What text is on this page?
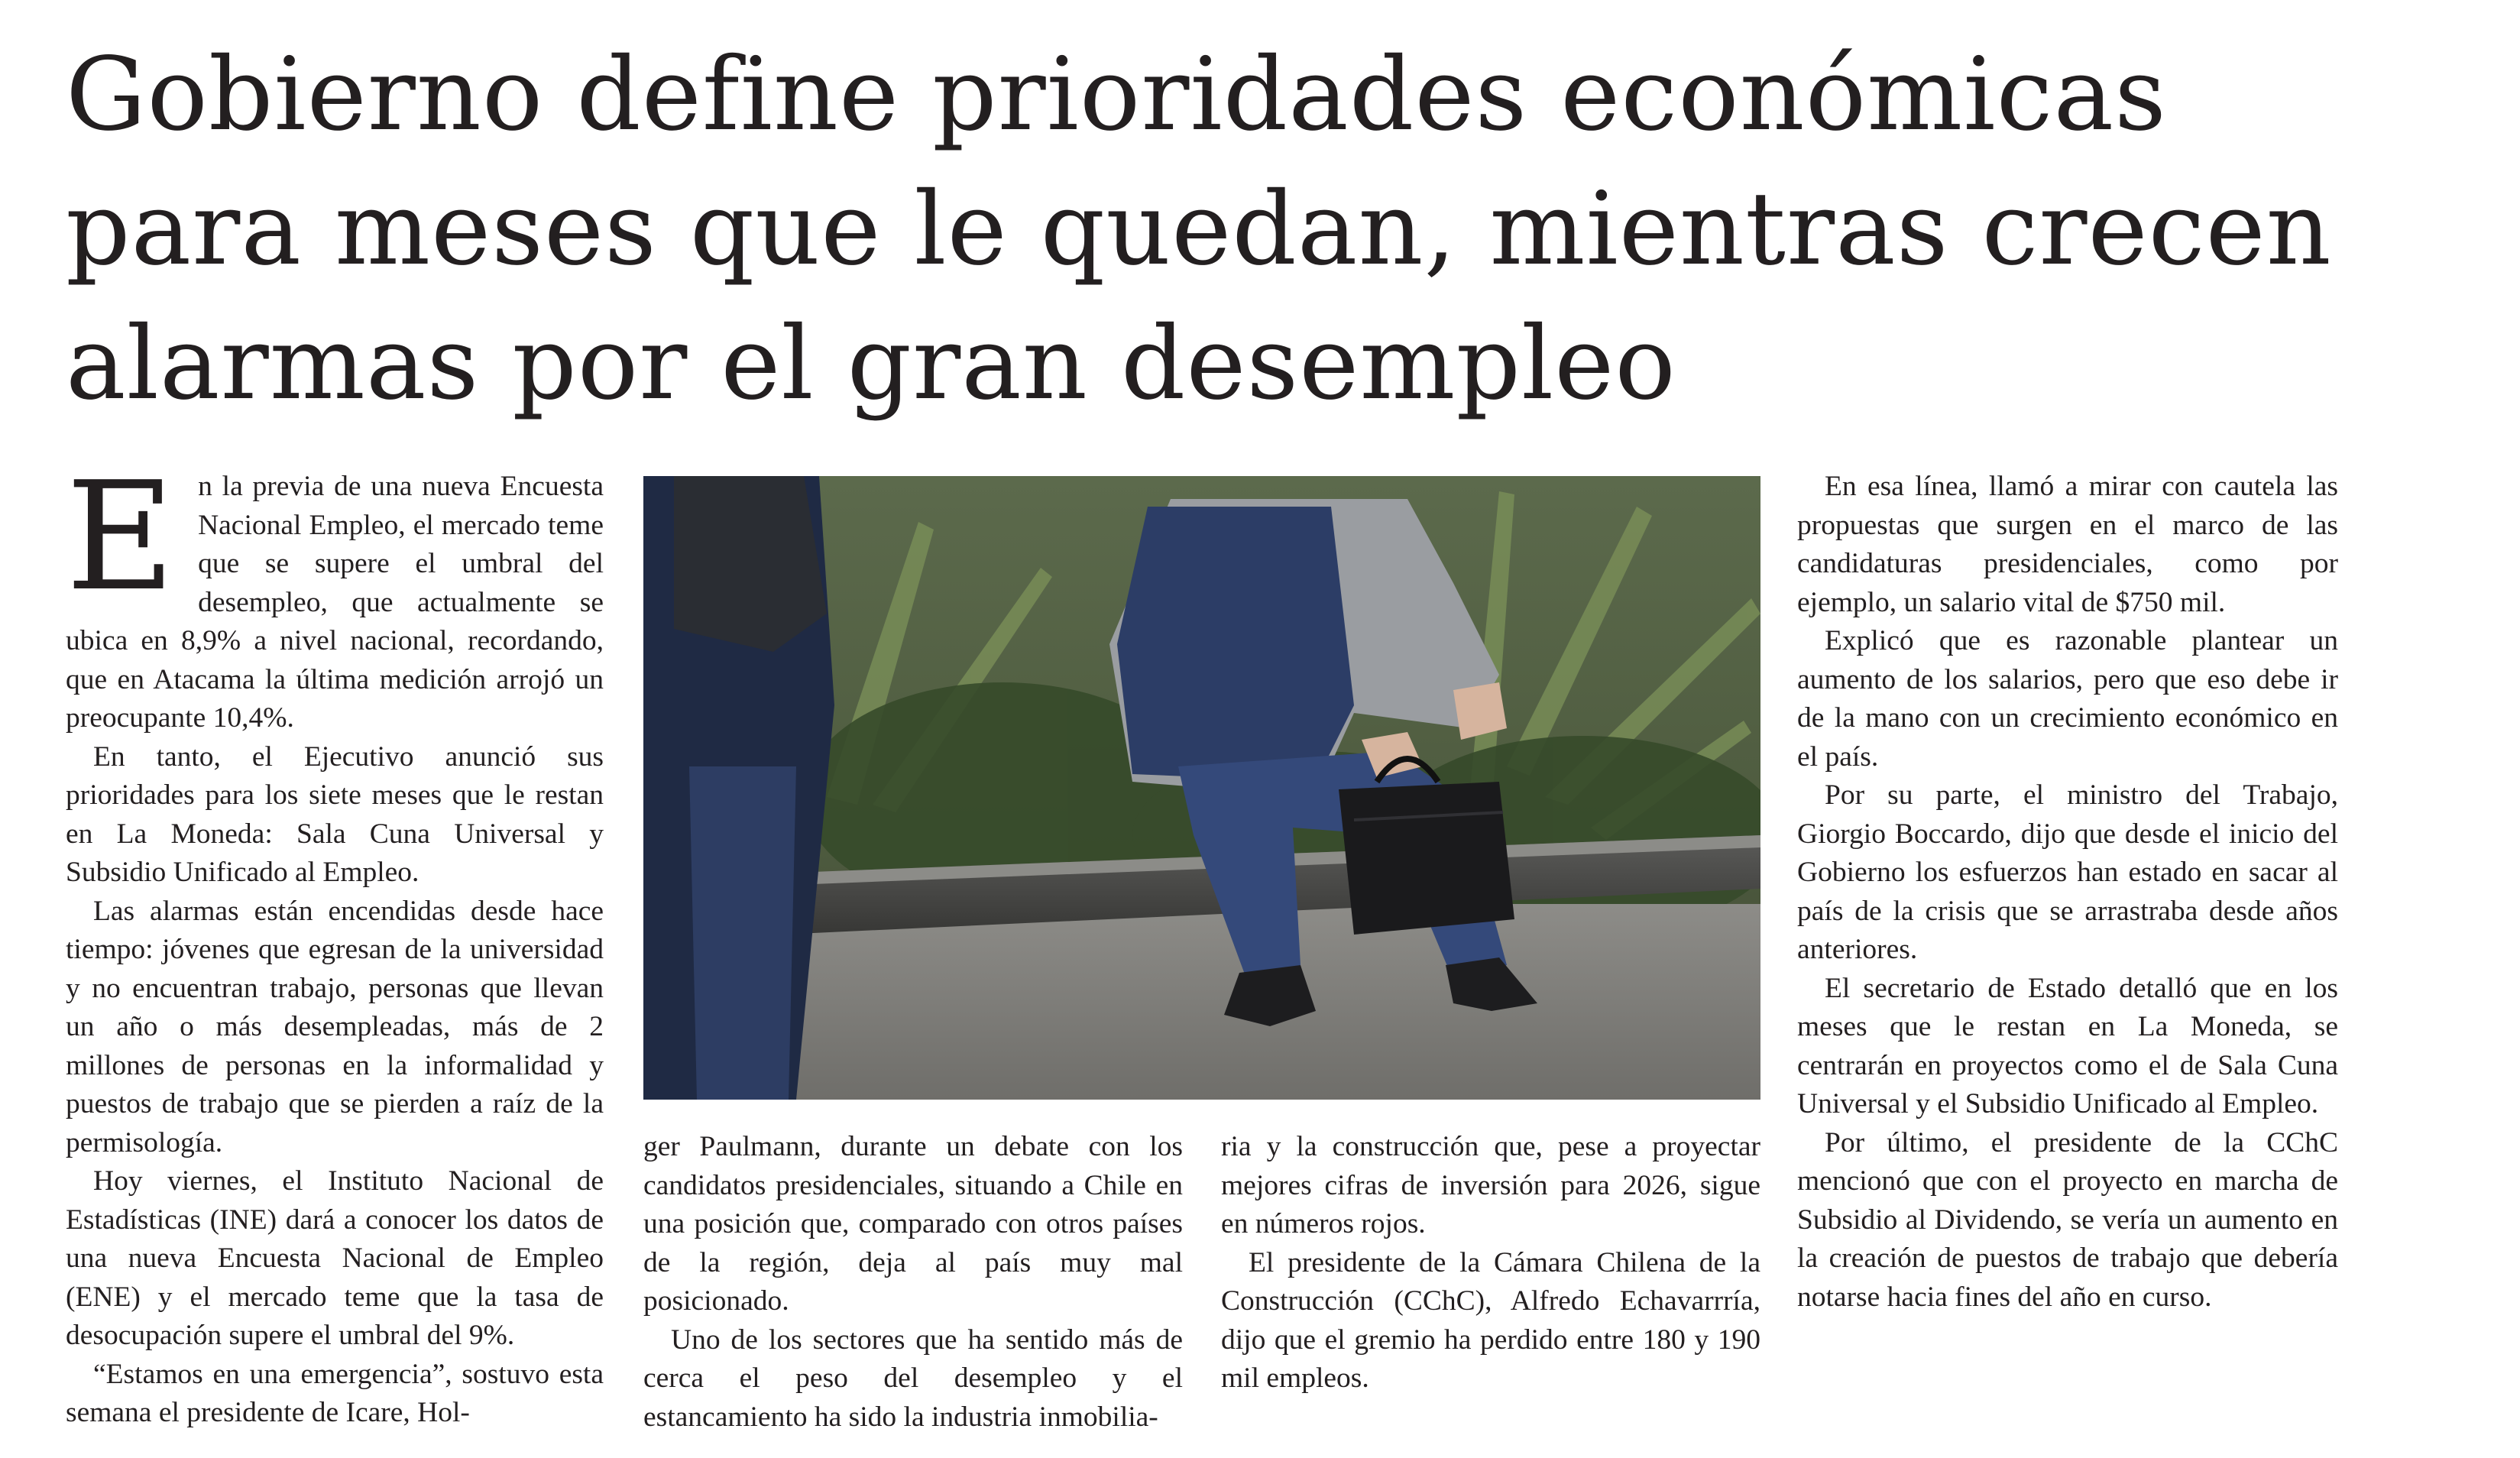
Gobierno define prioridades económicas
para meses que le quedan, mientras crecen
alarmas por el gran desempleo

En la previa de una nueva Encuesta Nacional Empleo, el mercado teme que se supere el umbral del desempleo, que actualmente se ubica en 8,9% a nivel nacional, recordando, que en Atacama la última medición arrojó un preocupante 10,4%.

En tanto, el Ejecutivo anunció sus prioridades para los siete meses que le restan en La Moneda: Sala Cuna Universal y Subsidio Unificado al Empleo.

Las alarmas están encendidas desde hace tiempo: jóvenes que egresan de la universidad y no encuentran trabajo, personas que llevan un año o más desempleadas, más de 2 millones de personas en la informalidad y puestos de trabajo que se pierden a raíz de la permisología.

Hoy viernes, el Instituto Nacional de Estadísticas (INE) dará a conocer los datos de una nueva Encuesta Nacional de Empleo (ENE) y el mercado teme que la tasa de desocupación supere el umbral del 9%.

“Estamos en una emergencia”, sostuvo esta semana el presidente de Icare, Hol-

ger Paulmann, durante un debate con los candidatos presidenciales, situando a Chile en una posición que, comparado con otros países de la región, deja al país muy mal posicionado.

Uno de los sectores que ha sentido más de cerca el peso del desempleo y el estancamiento ha sido la industria inmobilia-

ria y la construcción que, pese a proyectar mejores cifras de inversión para 2026, sigue en números rojos.

El presidente de la Cámara Chilena de la Construcción (CChC), Alfredo Echavarrría, dijo que el gremio ha perdido entre 180 y 190 mil empleos.

En esa línea, llamó a mirar con cautela las propuestas que surgen en el marco de las candidaturas presidenciales, como por ejemplo, un salario vital de $750 mil.

Explicó que es razonable plantear un aumento de los salarios, pero que eso debe ir de la mano con un crecimiento económico en el país.

Por su parte, el ministro del Trabajo, Giorgio Boccardo, dijo que desde el inicio del Gobierno los esfuerzos han estado en sacar al país de la crisis que se arrastraba desde años anteriores.

El secretario de Estado detalló que en los meses que le restan en La Moneda, se centrarán en proyectos como el de Sala Cuna Universal y el Subsidio Unificado al Empleo.

Por último, el presidente de la CChC mencionó que con el proyecto en marcha de Subsidio al Dividendo, se vería un aumento en la creación de puestos de trabajo que debería notarse hacia fines del año en curso.
